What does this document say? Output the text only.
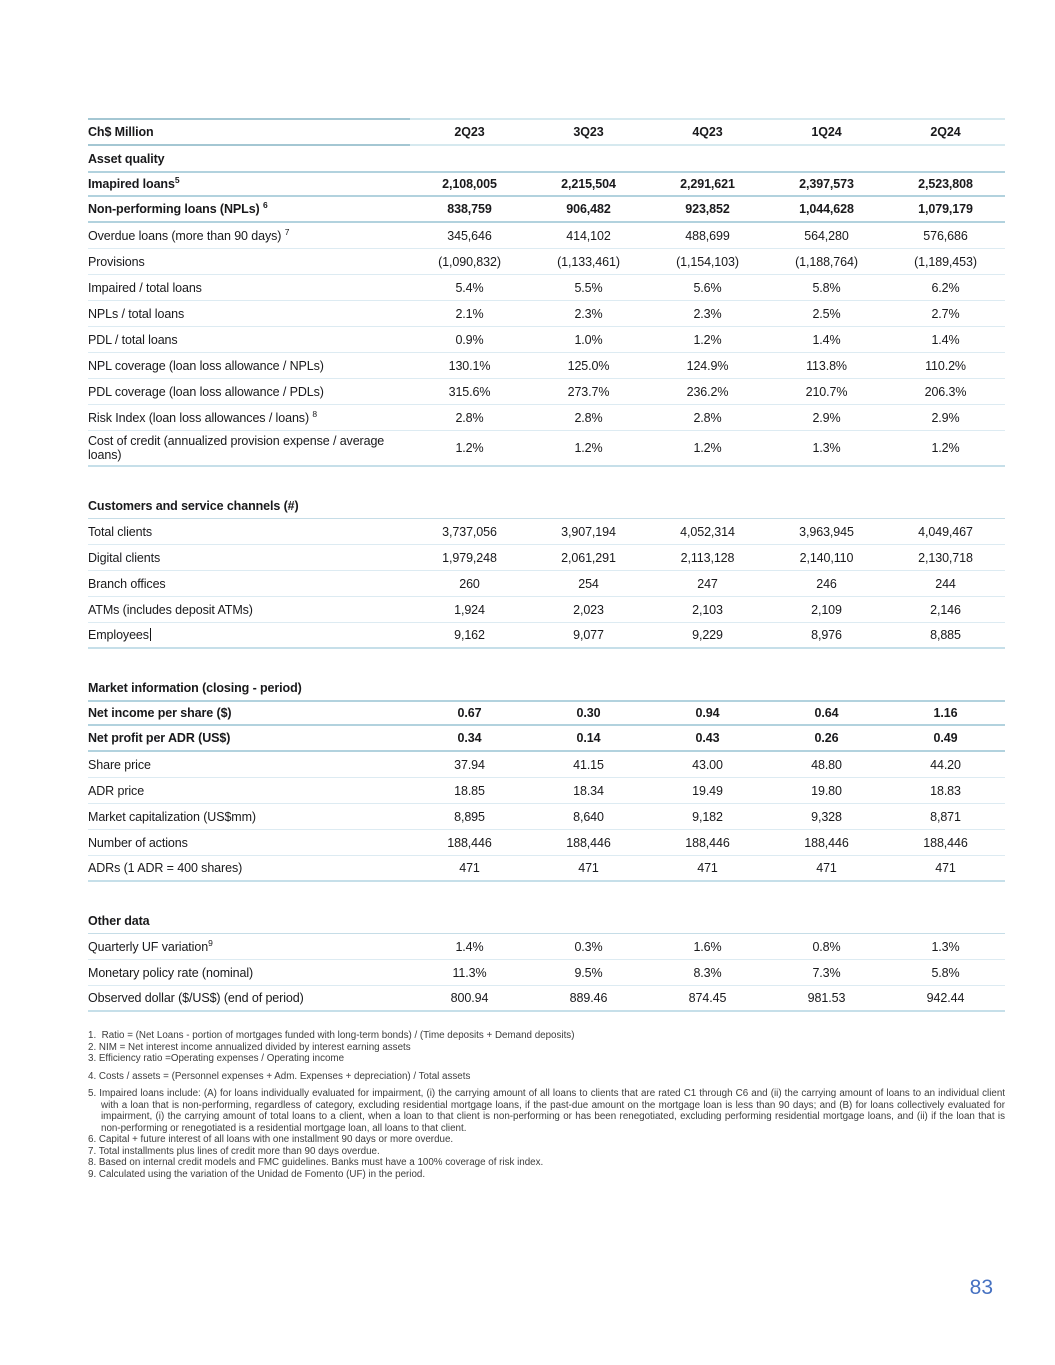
Ch$ Million	2Q23	3Q23	4Q23	1Q24	2Q24
Asset quality
Imapired loans$^5$	2,108,005	2,215,504	2,291,621	2,397,573	2,523,808
Non-performing loans (NPLs) $^6$	838,759	906,482	923,852	1,044,628	1,079,179
Overdue loans (more than 90 days) $^7$	345,646	414,102	488,699	564,280	576,686
Provisions	(1,090,832)	(1,133,461)	(1,154,103)	(1,188,764)	(1,189,453)
Impaired / total loans	5.4%	5.5%	5.6%	5.8%	6.2%
NPLs / total loans	2.1%	2.3%	2.3%	2.5%	2.7%
PDL / total loans	0.9%	1.0%	1.2%	1.4%	1.4%
NPL coverage (loan loss allowance / NPLs)	130.1%	125.0%	124.9%	113.8%	110.2%
PDL coverage (loan loss allowance / PDLs)	315.6%	273.7%	236.2%	210.7%	206.3%
Risk Index (loan loss allowances / loans) $^8$	2.8%	2.8%	2.8%	2.9%	2.9%
Cost of credit (annualized provision expense / average loans)	1.2%	1.2%	1.2%	1.3%	1.2%
Customers and service channels (#)
Total clients	3,737,056	3,907,194	4,052,314	3,963,945	4,049,467
Digital clients	1,979,248	2,061,291	2,113,128	2,140,110	2,130,718
Branch offices	260	254	247	246	244
ATMs (includes deposit ATMs)	1,924	2,023	2,103	2,109	2,146
Employees	9,162	9,077	9,229	8,976	8,885
Market information (closing - period)
Net income per share ($)	0.67	0.30	0.94	0.64	1.16
Net profit per ADR (US$)	0.34	0.14	0.43	0.26	0.49
Share price	37.94	41.15	43.00	48.80	44.20
ADR price	18.85	18.34	19.49	19.80	18.83
Market capitalization (US$mm)	8,895	8,640	9,182	9,328	8,871
Number of actions	188,446	188,446	188,446	188,446	188,446
ADRs (1 ADR = 400 shares)	471	471	471	471	471
Other data
Quarterly UF variation$^9$	1.4%	0.3%	1.6%	0.8%	1.3%
Monetary policy rate (nominal)	11.3%	9.5%	8.3%	7.3%	5.8%
Observed dollar ($/US$) (end of period)	800.94	889.46	874.45	981.53	942.44
1.  Ratio = (Net Loans - portion of mortgages funded with long-term bonds) / (Time deposits + Demand deposits)
2. NIM = Net interest income annualized divided by interest earning assets
3. Efficiency ratio =Operating expenses / Operating income
4. Costs / assets = (Personnel expenses + Adm. Expenses + depreciation) / Total assets
5. Impaired loans include: (A) for loans individually evaluated for impairment, (i) the carrying amount of all loans to clients that are rated C1 through C6 and (ii) the carrying amount of loans to an individual client with a loan that is non-performing, regardless of category, excluding residential mortgage loans, if the past-due amount on the mortgage loan is less than 90 days; and (B) for loans collectively evaluated for impairment, (i) the carrying amount of total loans to a client, when a loan to that client is non-performing or has been renegotiated, excluding performing residential mortgage loans, and (ii) if the loan that is non-performing or renegotiated is a residential mortgage loan, all loans to that client.
6. Capital + future interest of all loans with one installment 90 days or more overdue.
7. Total installments plus lines of credit more than 90 days overdue.
8. Based on internal credit models and FMC guidelines. Banks must have a 100% coverage of risk index.
9. Calculated using the variation of the Unidad de Fomento (UF) in the period.
83
